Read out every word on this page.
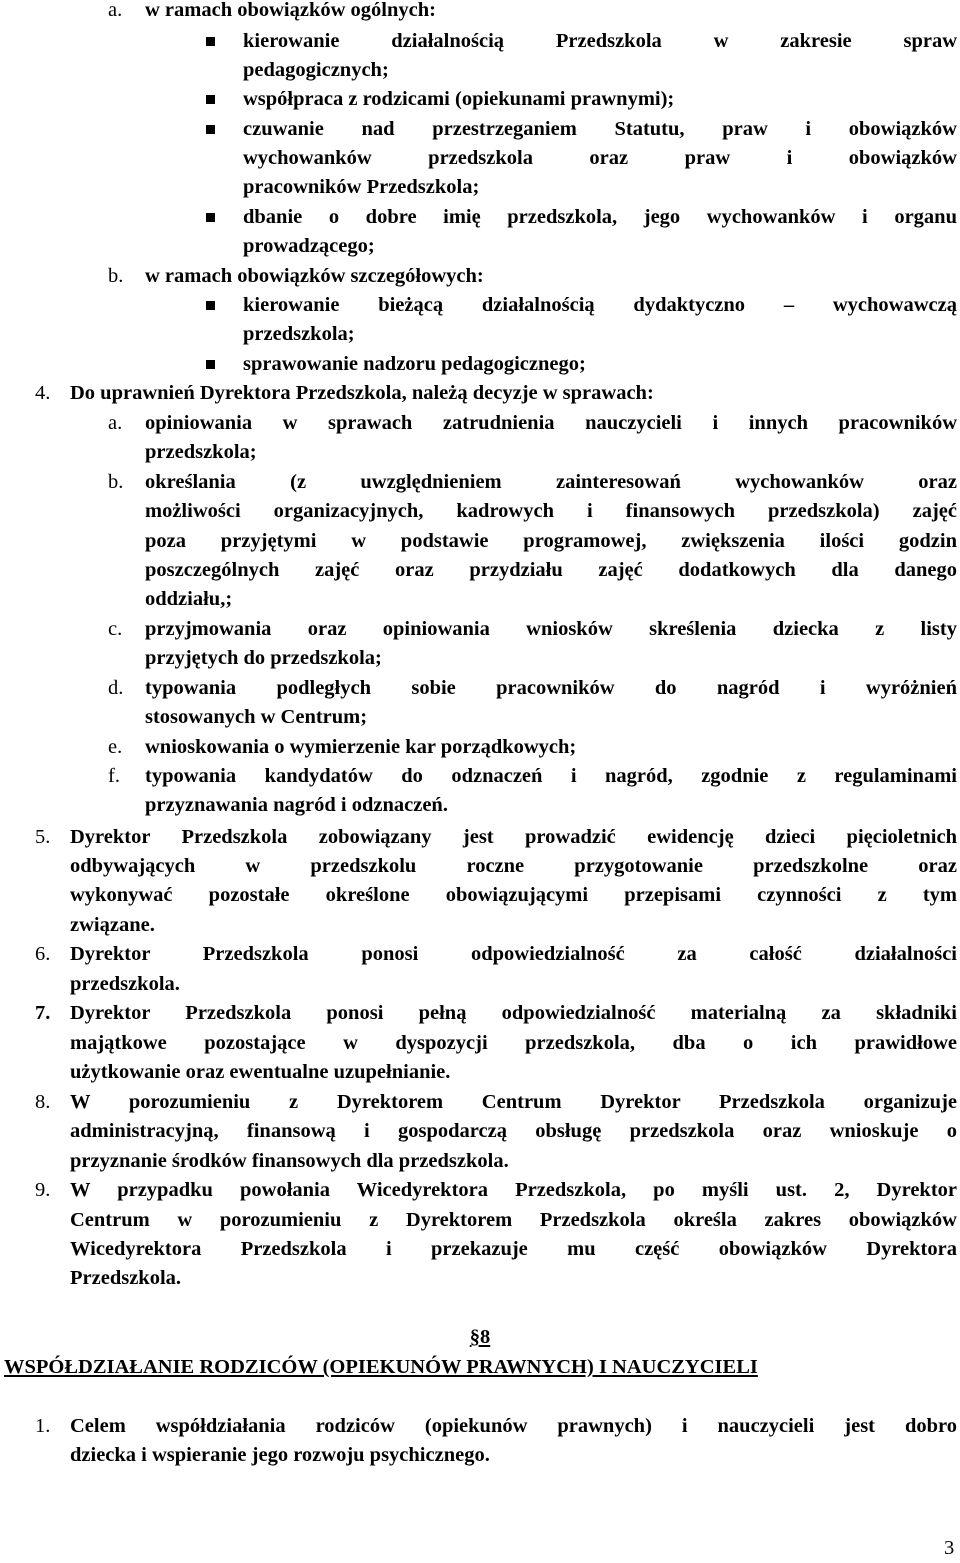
a. w ramach obowiązków ogólnych:
kierowanie działalnością Przedszkola w zakresie spraw
pedagogicznych;
współpraca z rodzicami (opiekunami prawnymi);
czuwanie nad przestrzeganiem Statutu, praw i obowiązków
wychowanków przedszkola oraz praw i obowiązków
pracowników Przedszkola;
dbanie o dobre imię przedszkola, jego wychowanków i organu
prowadzącego;
b. w ramach obowiązków szczegółowych:
kierowanie bieżącą działalnością dydaktyczno – wychowawczą
przedszkola;
sprawowanie nadzoru pedagogicznego;
4. Do uprawnień Dyrektora Przedszkola, należą decyzje w sprawach:
a. opiniowania w sprawach zatrudnienia nauczycieli i innych pracowników
przedszkola;
b. określania (z uwzględnieniem zainteresowań wychowanków oraz
możliwości organizacyjnych, kadrowych i finansowych przedszkola) zajęć
poza przyjętymi w podstawie programowej, zwiększenia ilości godzin
poszczególnych zajęć oraz przydziału zajęć dodatkowych dla danego
oddziału,;
c. przyjmowania oraz opiniowania wniosków skreślenia dziecka z listy
przyjętych do przedszkola;
d. typowania podległych sobie pracowników do nagród i wyróżnień
stosowanych w Centrum;
e. wnioskowania o wymierzenie kar porządkowych;
f. typowania kandydatów do odznaczeń i nagród, zgodnie z regulaminami
przyznawania nagród i odznaczeń.
5. Dyrektor Przedszkola zobowiązany jest prowadzić ewidencję dzieci pięcioletnich
odbywających w przedszkolu roczne przygotowanie przedszkolne oraz
wykonywać pozostałe określone obowiązującymi przepisami czynności z tym
związane.
6. Dyrektor Przedszkola ponosi odpowiedzialność za całość działalności
przedszkola.
7. Dyrektor Przedszkola ponosi pełną odpowiedzialność materialną za składniki
majątkowe pozostające w dyspozycji przedszkola, dba o ich prawidłowe
użytkowanie oraz ewentualne uzupełnianie.
8. W porozumieniu z Dyrektorem Centrum Dyrektor Przedszkola organizuje
administracyjną, finansową i gospodarczą obsługę przedszkola oraz wnioskuje o
przyznanie środków finansowych dla przedszkola.
9. W przypadku powołania Wicedyrektora Przedszkola, po myśli ust. 2, Dyrektor
Centrum w porozumieniu z Dyrektorem Przedszkola określa zakres obowiązków
Wicedyrektora Przedszkola i przekazuje mu część obowiązków Dyrektora
Przedszkola.
§8
WSPÓŁDZIAŁANIE RODZICÓW (OPIEKUNÓW PRAWNYCH) I NAUCZYCIELI
1. Celem współdziałania rodziców (opiekunów prawnych) i nauczycieli jest dobro
dziecka i wspieranie jego rozwoju psychicznego.
3
